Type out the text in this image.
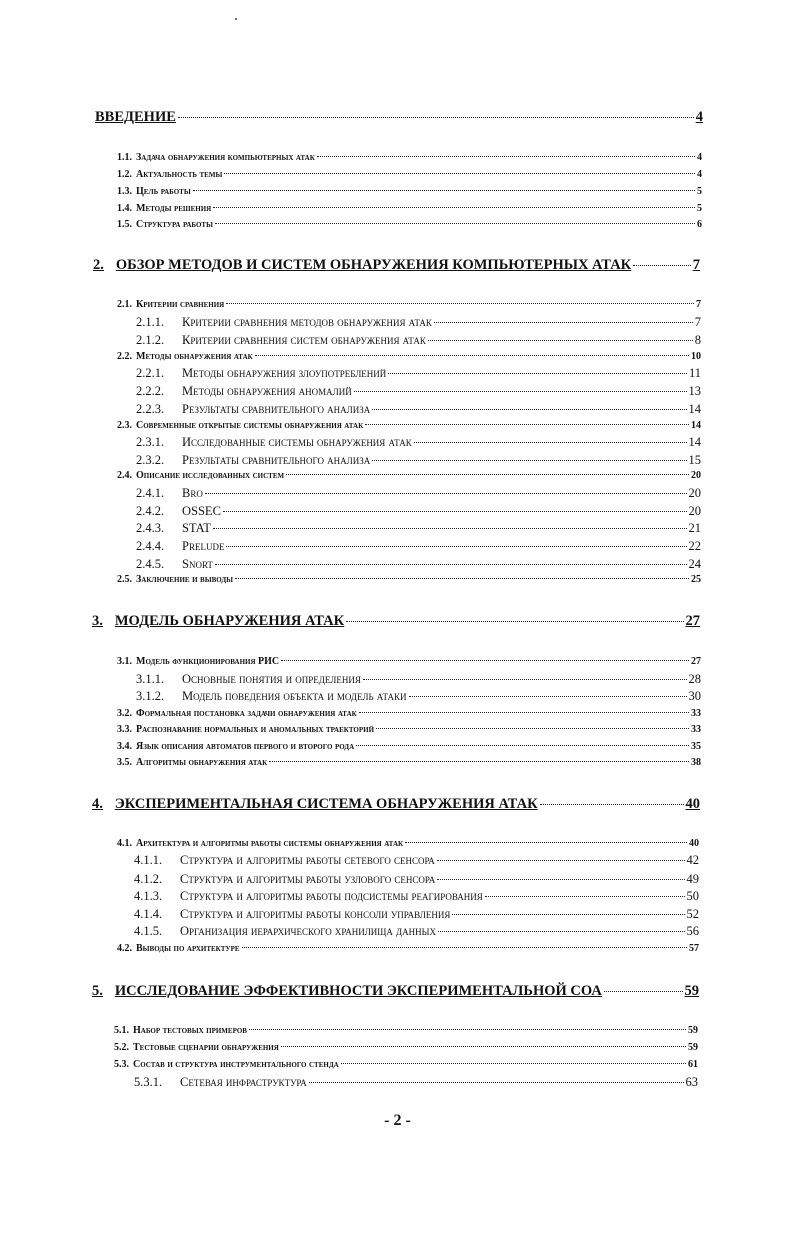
ВВЕДЕНИЕ	4
1.1. Задача обнаружения компьютерных атак	4
1.2. Актуальность темы	4
1.3. Цель работы	5
1.4. Методы решения	5
1.5. Структура работы	6
2. ОБЗОР МЕТОДОВ И СИСТЕМ ОБНАРУЖЕНИЯ КОМПЬЮТЕРНЫХ АТАК	7
2.1. Критерии сравнения	7
2.1.1.	Критерии сравнения методов обнаружения атак	7
2.1.2.	Критерии сравнения систем обнаружения атак	8
2.2. Методы обнаружения атак	10
2.2.1.	Методы обнаружения злоупотреблений	11
2.2.2.	Методы обнаружения аномалий	13
2.2.3.	Результаты сравнительного анализа	14
2.3. Современные открытые системы обнаружения атак	14
2.3.1.	Исследованные системы обнаружения атак	14
2.3.2.	Результаты сравнительного анализа	15
2.4. Описание исследованных систем	20
2.4.1.	Bro	20
2.4.2.	OSSEC	20
2.4.3.	STAT	21
2.4.4.	Prelude	22
2.4.5.	Snort	24
2.5. Заключение и выводы	25
3. МОДЕЛЬ ОБНАРУЖЕНИЯ АТАК	27
3.1. Модель функционирования РИС	27
3.1.1.	Основные понятия и определения	28
3.1.2.	Модель поведения объекта и модель атаки	30
3.2. Формальная постановка задачи обнаружения атак	33
3.3. Распознавание нормальных и аномальных траекторий	33
3.4. Язык описания автоматов первого и второго рода	35
3.5. Алгоритмы обнаружения атак	38
4. ЭКСПЕРИМЕНТАЛЬНАЯ СИСТЕМА ОБНАРУЖЕНИЯ АТАК	40
4.1. Архитектура и алгоритмы работы системы обнаружения атак	40
4.1.1.	Структура и алгоритмы работы сетевого сенсора	42
4.1.2.	Структура и алгоритмы работы узлового сенсора	49
4.1.3.	Структура и алгоритмы работы подсистемы реагирования	50
4.1.4.	Структура и алгоритмы работы консоли управления	52
4.1.5.	Организация иерархического хранилища данных	56
4.2. Выводы по архитектуре	57
5. ИССЛЕДОВАНИЕ ЭФФЕКТИВНОСТИ ЭКСПЕРИМЕНТАЛЬНОЙ СОА	59
5.1. Набор тестовых примеров	59
5.2. Тестовые сценарии обнаружения	59
5.3. Состав и структура инструментального стенда	61
5.3.1.	Сетевая инфраструктура	63
- 2 -
